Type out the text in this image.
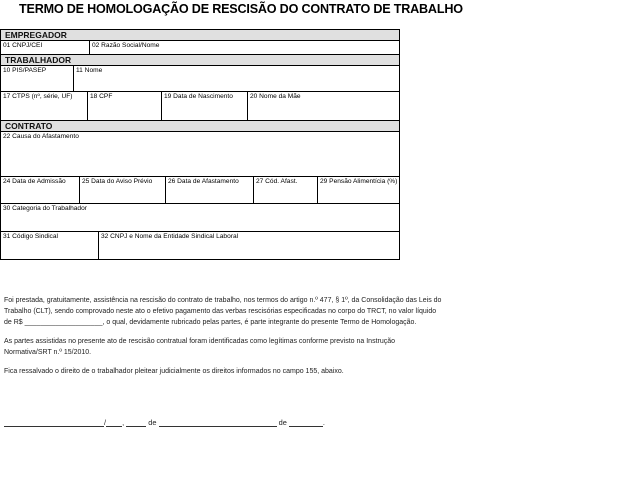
TERMO DE HOMOLOGAÇÃO DE RESCISÃO DO CONTRATO DE TRABALHO
EMPREGADOR
01 CNPJ/CEI	02 Razão Social/Nome
TRABALHADOR
10 PIS/PASEP	11 Nome
17 CTPS (nº, série, UF)	18 CPF	19 Data de Nascimento	20 Nome da Mãe
CONTRATO
22 Causa do Afastamento
24 Data de Admissão	25 Data do Aviso Prévio	26 Data de Afastamento	27 Cód. Afast.	29 Pensão Alimentícia (%)
30 Categoria do Trabalhador
31 Código Sindical	32 CNPJ e Nome da Entidade Sindical Laboral

Foi prestada, gratuitamente, assistência na rescisão do contrato de trabalho, nos termos do artigo n.º 477, § 1º, da Consolidação das Leis do
Trabalho (CLT), sendo comprovado neste ato o efetivo pagamento das verbas rescisórias especificadas no corpo do TRCT, no valor líquido
de R$ ____________________, o qual, devidamente rubricado pelas partes, é parte integrante do presente Termo de Homologação.

As partes assistidas no presente ato de rescisão contratual foram identificadas como legítimas conforme previsto na Instrução
Normativa/SRT n.º 15/2010.

Fica ressalvado o direito de o trabalhador pleitear judicialmente os direitos informados no campo 155, abaixo.

/ ,	de	de	.
